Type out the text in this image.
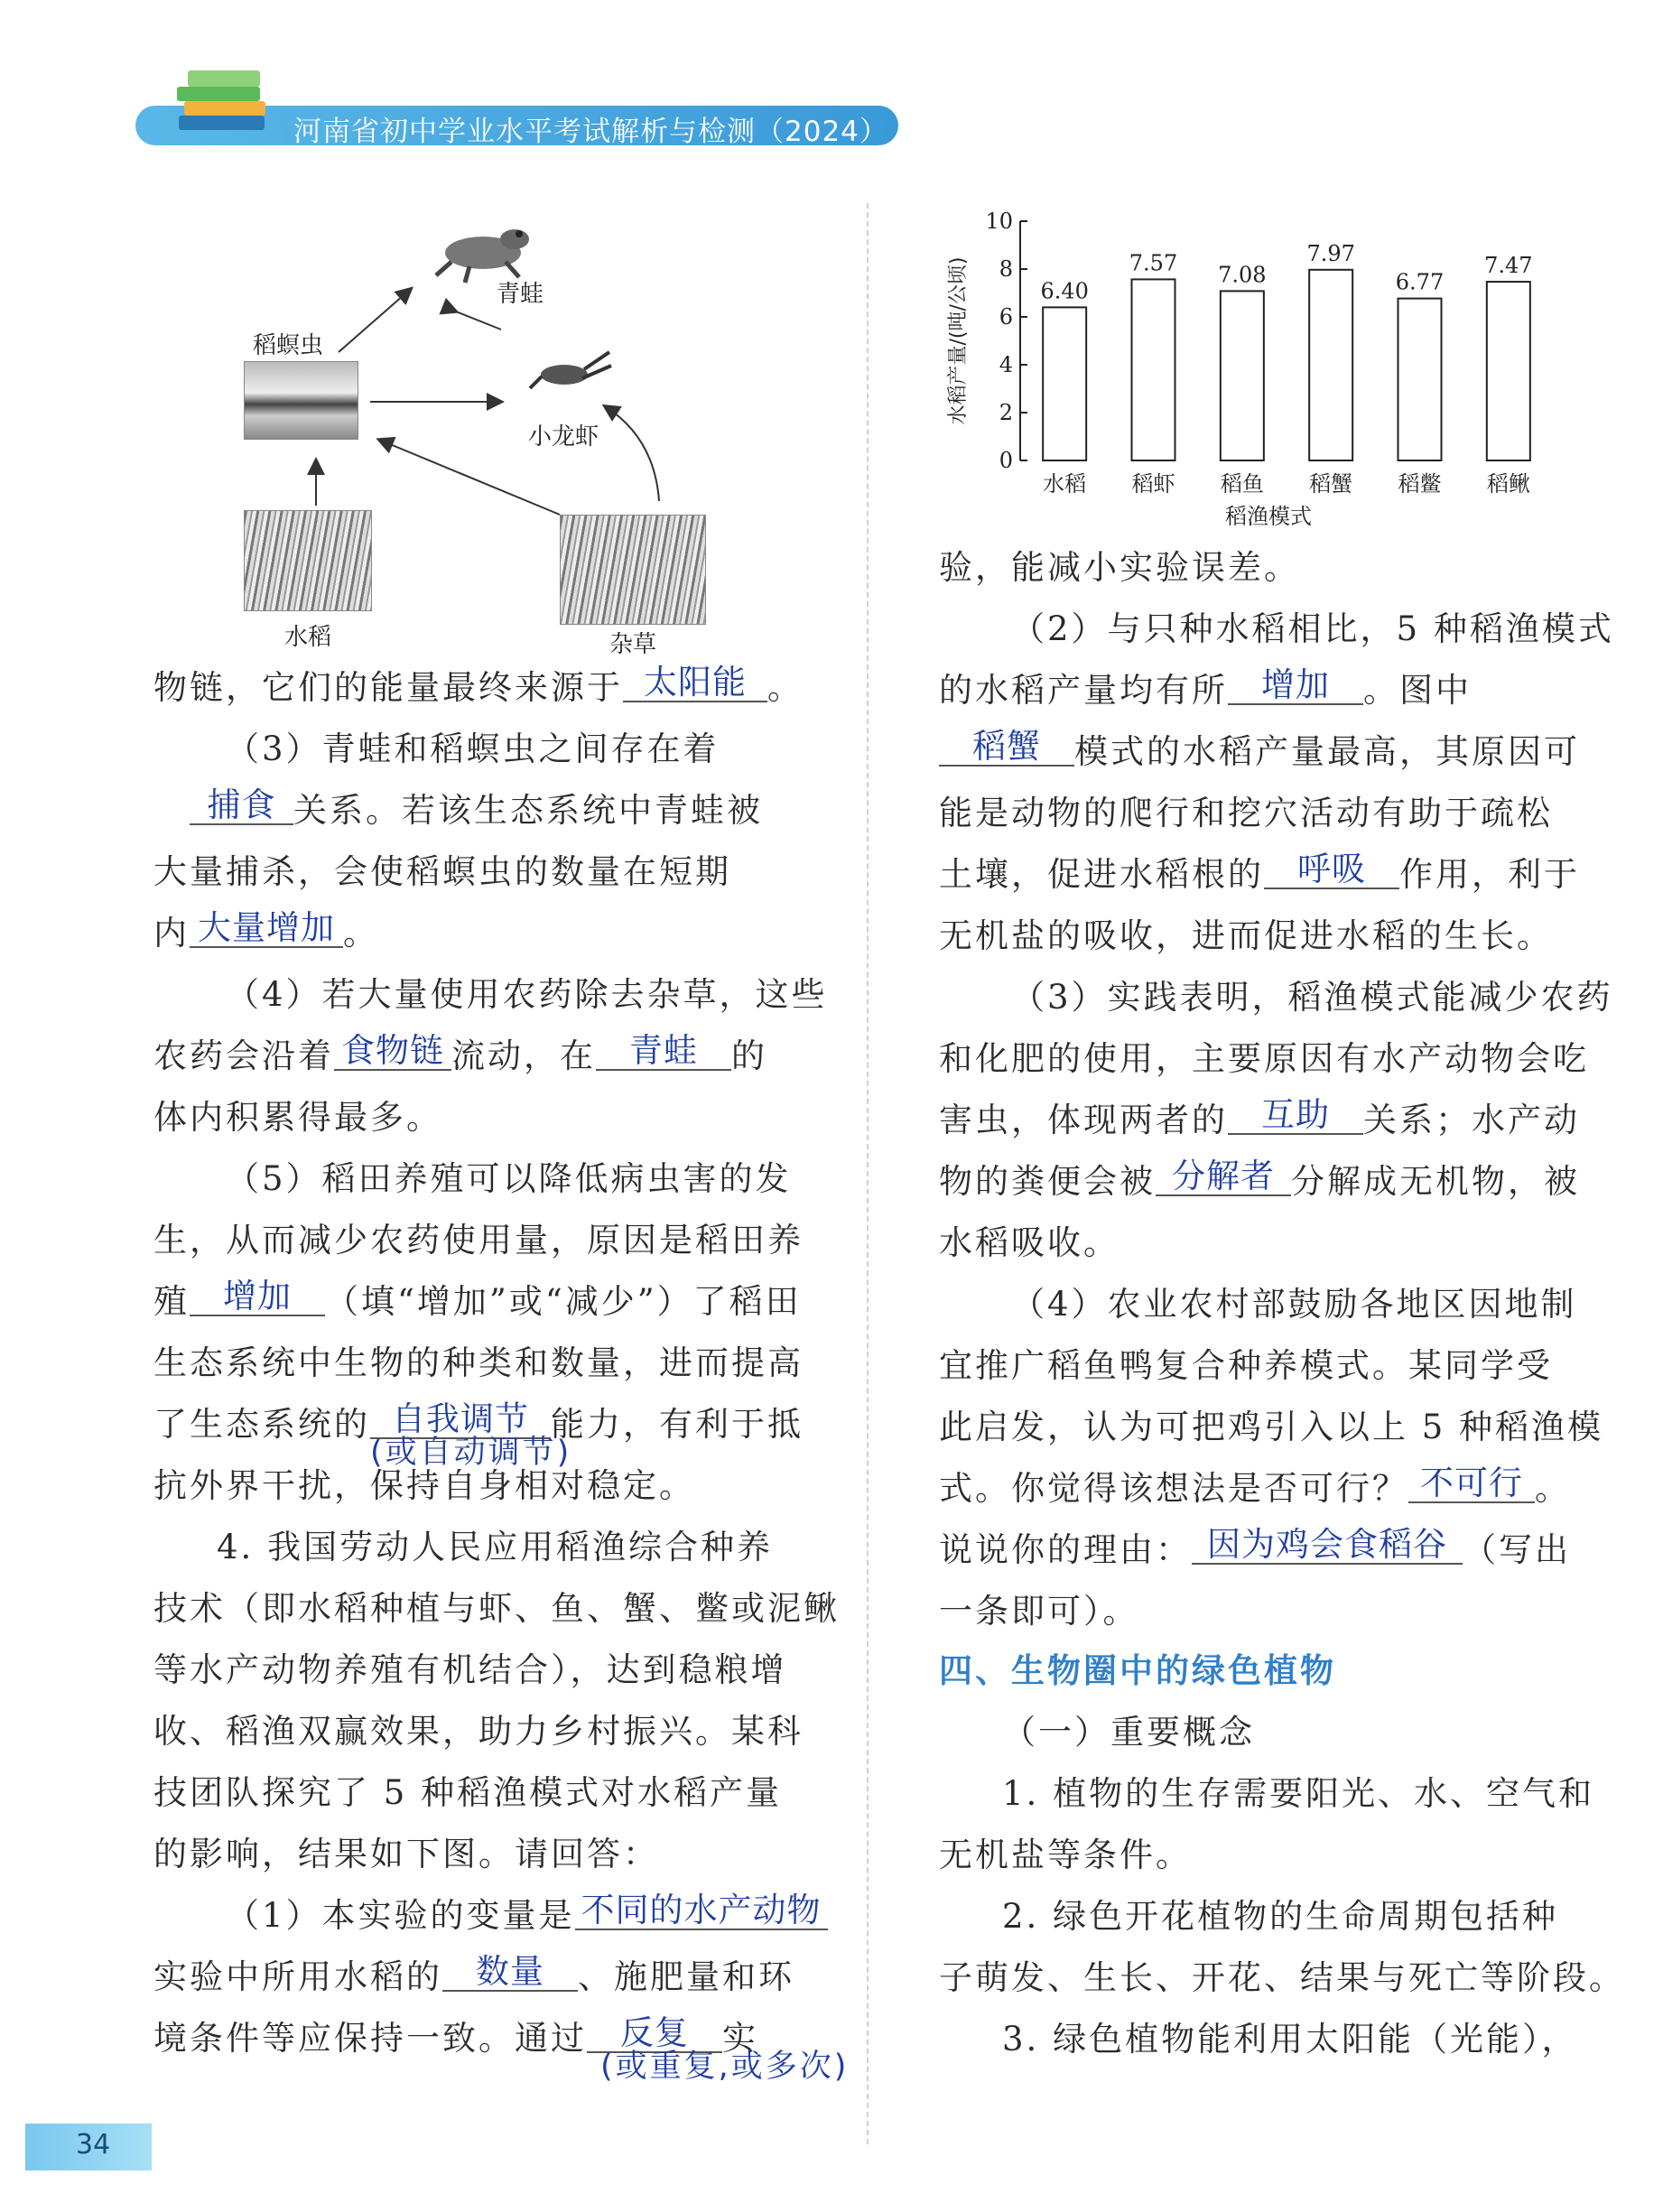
河南省初中学业水平考试解析与检测（2024）
青蛙
稻螟虫
小龙虾
水稻	杂草
物链，它们的能量最终来源于 太阳能 。
（3）青蛙和稻螟虫之间存在着
捕食 关系。若该生态系统中青蛙被
大量捕杀，会使稻螟虫的数量在短期
内 大量增加 。
（4）若大量使用农药除去杂草，这些
农药会沿着 食物链 流动，在 青蛙 的
体内积累得最多。
（5）稻田养殖可以降低病虫害的发
生，从而减少农药使用量，原因是稻田养
殖 增加 （填“增加”或“减少”）了稻田
生态系统中生物的种类和数量，进而提高
了生态系统的 自我调节 能力，有利于抵
(或自动调节)
抗外界干扰，保持自身相对稳定。
4. 我国劳动人民应用稻渔综合种养
技术（即水稻种植与虾、鱼、蟹、鳖或泥鳅
等水产动物养殖有机结合），达到稳粮增
收、稻渔双赢效果，助力乡村振兴。某科
技团队探究了 5 种稻渔模式对水稻产量
的影响，结果如下图。请回答：
（1）本实验的变量是 不同的水产动物
实验中所用水稻的 数量 、施肥量和环
境条件等应保持一致。通过 反复 实
(或重复,或多次)
0
2
4
6
8
10
6.40
水稻
7.57
稻虾
7.08
稻鱼
7.97
稻蟹
6.77
稻鳖
7.47
稻鳅
稻渔模式
水稻产量/(吨/公顷)
验，能减小实验误差。
（2）与只种水稻相比，5 种稻渔模式
的水稻产量均有所 增加 。图中
稻蟹 模式的水稻产量最高，其原因可
能是动物的爬行和挖穴活动有助于疏松
土壤，促进水稻根的 呼吸 作用，利于
无机盐的吸收，进而促进水稻的生长。
（3）实践表明，稻渔模式能减少农药
和化肥的使用，主要原因有水产动物会吃
害虫，体现两者的 互助 关系；水产动
物的粪便会被 分解者 分解成无机物，被
水稻吸收。
（4）农业农村部鼓励各地区因地制
宜推广稻鱼鸭复合种养模式。某同学受
此启发，认为可把鸡引入以上 5 种稻渔模
式。你觉得该想法是否可行？ 不可行 。
说说你的理由： 因为鸡会食稻谷 （写出
一条即可）。
四、生物圈中的绿色植物
（一）重要概念
1. 植物的生存需要阳光、水、空气和
无机盐等条件。
2. 绿色开花植物的生命周期包括种
子萌发、生长、开花、结果与死亡等阶段。
3. 绿色植物能利用太阳能（光能），
34
